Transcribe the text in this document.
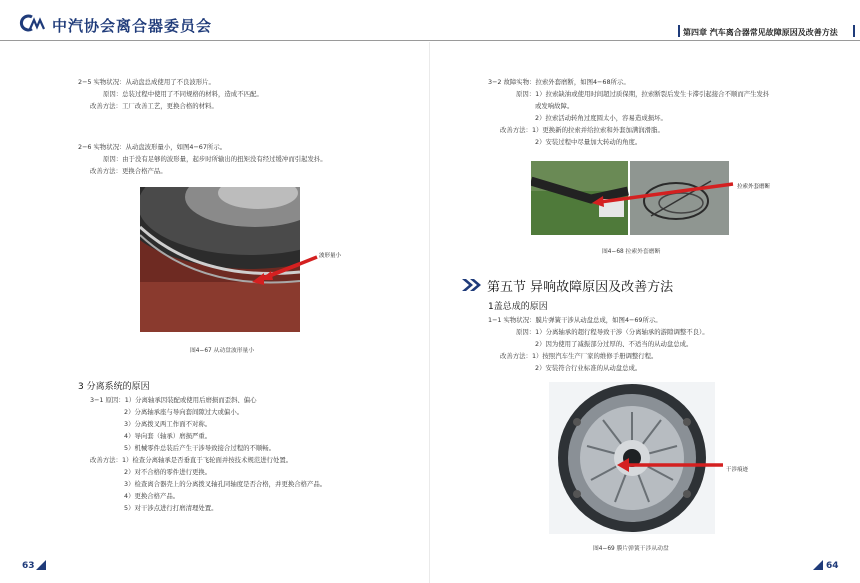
中汽协会离合器委员会	第四章 汽车离合器常见故障原因及改善方法
2−5 实物状况：从动盘总成使用了不良波形片。
原因：总装过程中使用了不同规格的材料，造成不匹配。
改善方法：工厂改善工艺，更换合格的材料。
2−6 实物状况：从动盘波形量小，如图4−67所示。
原因：由于没有足够的波形量，起步时所输出的扭矩没有经过缓冲而引起发抖。
改善方法：更换合格产品。
波形量小
图4−67 从动盘波形量小
3 分离系统的原因
3−1 原因：1）分离轴承因装配或使用后磨损而歪斜、偏心
2）分离轴承座与导向套间隙过大或偏小。
3）分离拨叉两工作面不对称。
4）导向套（轴承）磨损严重。
5）机械零件总装后产生干涉导致接合过程的不顺畅。
改善方法：1）检查分离轴承是否垂直于飞轮面并按技术规范进行处置。
2）对不合格的零件进行更换。
3）检查离合器壳上的分离拨叉轴孔同轴度是否合格，并更换合格产品。
4）更换合格产品。
5）对干涉点进行打磨清理处置。
63
3−2 故障实物：拉索外套磨断，如图4−68所示。
原因：1）拉索缺油或使用时间超过质保期，拉索断裂后发生卡滞引起接合不顺而产生发抖
或发响故障。
2）拉索活动转角过度圆太小，容易造成损坏。
改善方法：1）更换新的拉索并给拉索和外套加满润滑脂。
2）安装过程中尽量加大转动的角度。
拉索外套磨断
图4−68 拉索外套磨断
第五节 异响故障原因及改善方法
1盖总成的原因
1−1 实物状况：膜片弹簧干涉从动盘总成，如图4−69所示。
原因：1）分离轴承的超行程导致干涉（分离轴承的游隙调整不良）。
2）因为使用了减振部分过厚的、不适当的从动盘总成。
改善方法：1）按照汽车生产厂家的维修手册调整行程。
2）安装符合行业标准的从动盘总成。
干涉痕迹
图4−69 膜片弹簧干涉从动盘
64
